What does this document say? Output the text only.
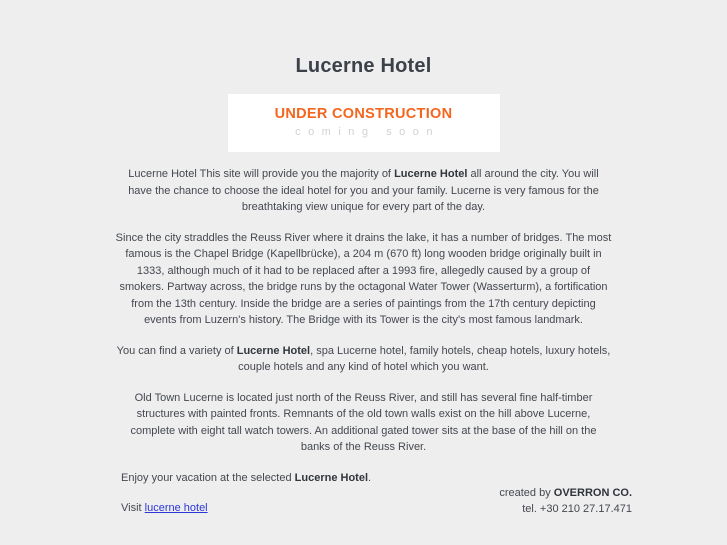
Lucerne Hotel
UNDER CONSTRUCTION
coming soon

Lucerne Hotel This site will provide you the majority of Lucerne Hotel all around the city. You will have the chance to choose the ideal hotel for you and your family. Lucerne is very famous for the breathtaking view unique for every part of the day.

Since the city straddles the Reuss River where it drains the lake, it has a number of bridges. The most famous is the Chapel Bridge (Kapellbrücke), a 204 m (670 ft) long wooden bridge originally built in 1333, although much of it had to be replaced after a 1993 fire, allegedly caused by a group of smokers. Partway across, the bridge runs by the octagonal Water Tower (Wasserturm), a fortification from the 13th century. Inside the bridge are a series of paintings from the 17th century depicting events from Luzern's history. The Bridge with its Tower is the city's most famous landmark.

You can find a variety of Lucerne Hotel, spa Lucerne hotel, family hotels, cheap hotels, luxury hotels, couple hotels and any kind of hotel which you want.

Old Town Lucerne is located just north of the Reuss River, and still has several fine half-timber structures with painted fronts. Remnants of the old town walls exist on the hill above Lucerne, complete with eight tall watch towers. An additional gated tower sits at the base of the hill on the banks of the Reuss River.

Enjoy your vacation at the selected Lucerne Hotel.

Visit lucerne hotel

created by OVERRON CO.
tel. +30 210 27.17.471
